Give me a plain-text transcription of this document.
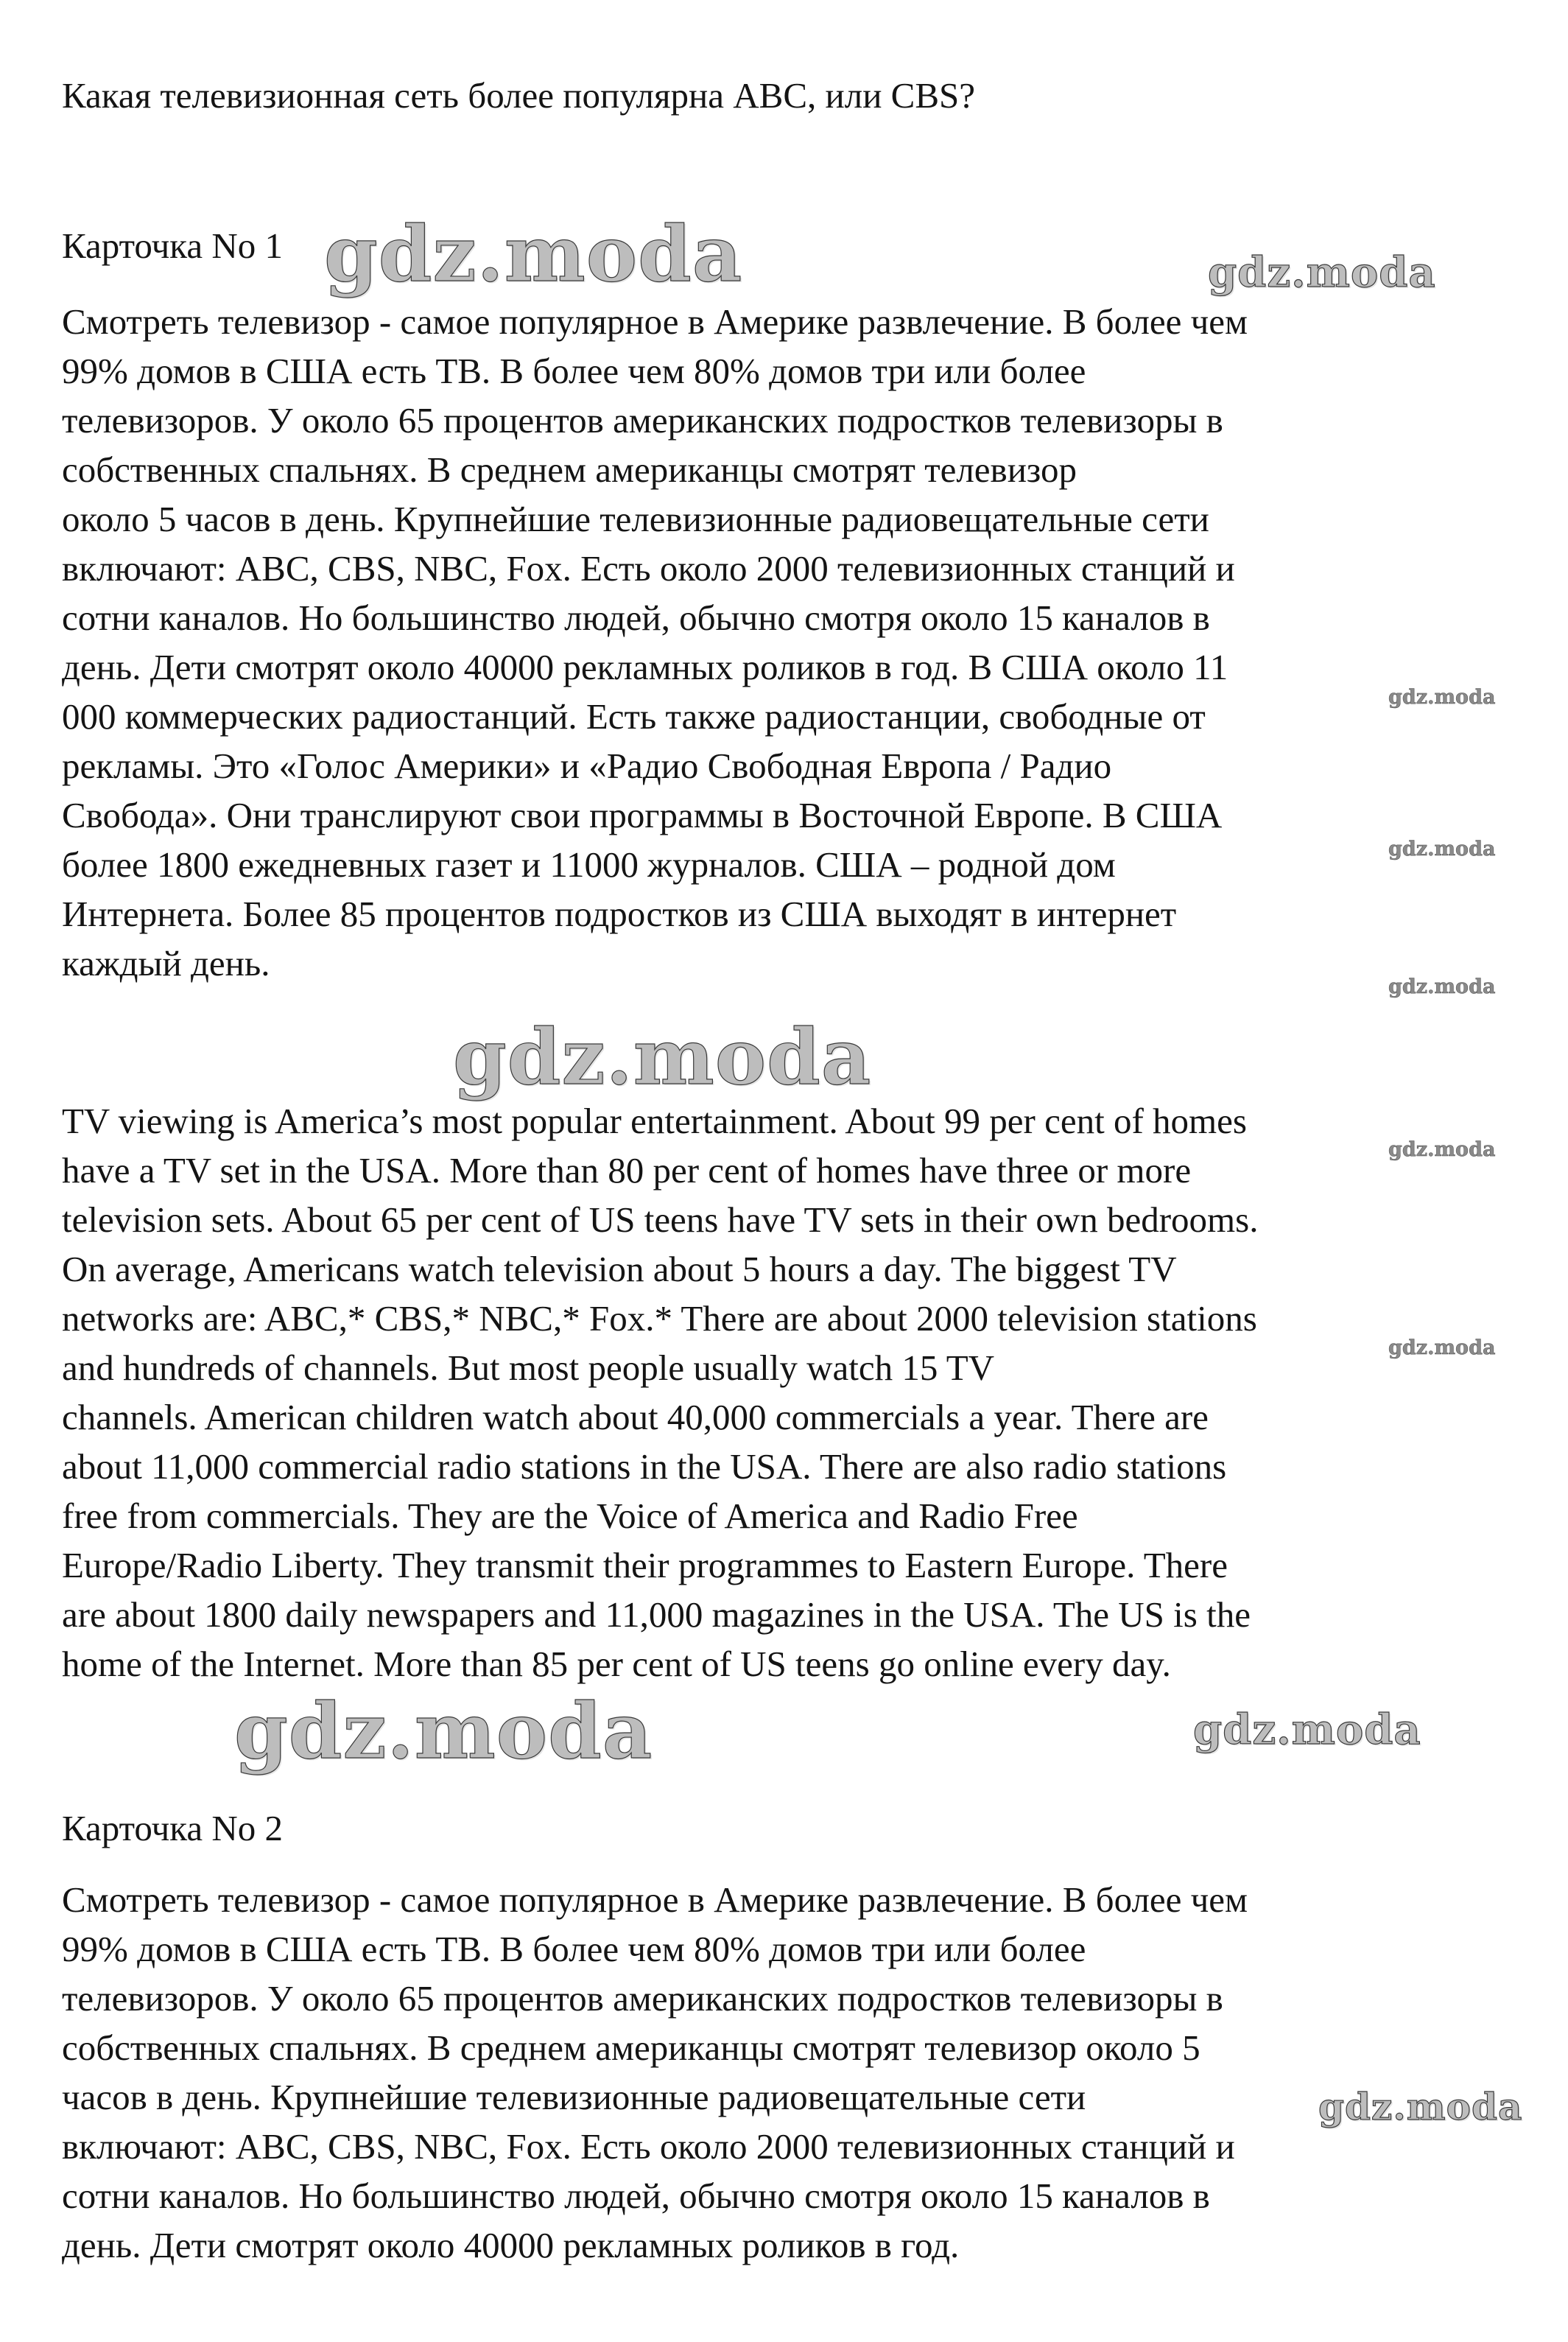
Какая телевизионная сеть более популярна ABC, или CBS?
Карточка No 1
Смотреть телевизор - самое популярное в Америке развлечение. В более чем
99% домов в США есть ТВ. В более чем 80% домов три или более
телевизоров. У около 65 процентов американских подростков телевизоры в
собственных спальнях. В среднем американцы смотрят телевизор
около 5 часов в день. Крупнейшие телевизионные радиовещательные сети
включают: ABC, CBS, NBC, Fox. Есть около 2000 телевизионных станций и
сотни каналов. Но большинство людей, обычно смотря около 15 каналов в
день. Дети смотрят около 40000 рекламных роликов в год. В США около 11
000 коммерческих радиостанций. Есть также радиостанции, свободные от
рекламы. Это «Голос Америки» и «Радио Свободная Европа / Радио
Свобода». Они транслируют свои программы в Восточной Европе. В США
более 1800 ежедневных газет и 11000 журналов. США – родной дом
Интернета. Более 85 процентов подростков из США выходят в интернет
каждый день.
TV viewing is America’s most popular entertainment. About 99 per cent of homes
have a TV set in the USA. More than 80 per cent of homes have three or more
television sets. About 65 per cent of US teens have TV sets in their own bedrooms.
On average, Americans watch television about 5 hours a day. The biggest TV
networks are: ABC,* CBS,* NBC,* Fox.* There are about 2000 television stations
and hundreds of channels. But most people usually watch 15 TV
channels. American children watch about 40,000 commercials a year. There are
about 11,000 commercial radio stations in the USA. There are also radio stations
free from commercials. They are the Voice of America and Radio Free
Europe/Radio Liberty. They transmit their programmes to Eastern Europe. There
are about 1800 daily newspapers and 11,000 magazines in the USA. The US is the
home of the Internet. More than 85 per cent of US teens go online every day.
Карточка No 2
Смотреть телевизор - самое популярное в Америке развлечение. В более чем
99% домов в США есть ТВ. В более чем 80% домов три или более
телевизоров. У около 65 процентов американских подростков телевизоры в
собственных спальнях. В среднем американцы смотрят телевизор около 5
часов в день. Крупнейшие телевизионные радиовещательные сети
включают: ABC, CBS, NBC, Fox. Есть около 2000 телевизионных станций и
сотни каналов. Но большинство людей, обычно смотря около 15 каналов в
день. Дети смотрят около 40000 рекламных роликов в год.
gdz.moda	gdz.moda
gdz.moda
gdz.moda
gdz.moda
gdz.moda
gdz.moda
gdz.moda
gdz.moda	gdz.moda
gdz.moda
